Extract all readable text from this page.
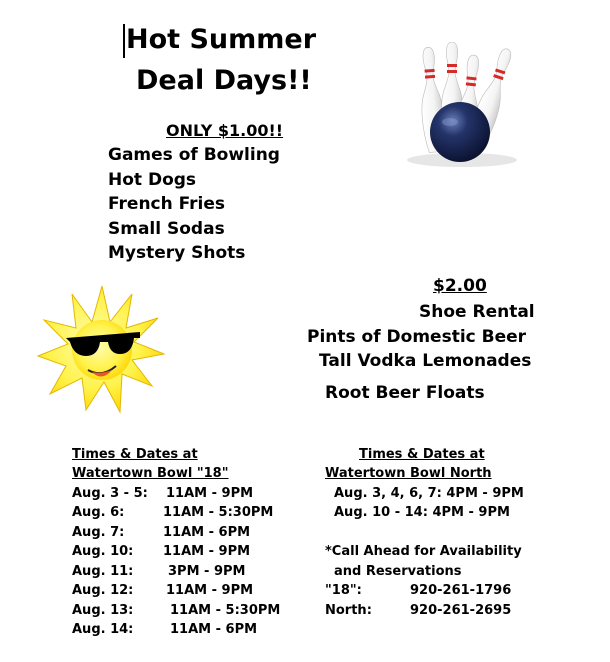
Hot Summer
Deal Days!!
ONLY $1.00!!
Games of Bowling
Hot Dogs
French Fries
Small Sodas
Mystery Shots
$2.00
Shoe Rental
Pints of Domestic Beer
Tall Vodka Lemonades
Root Beer Floats
Times & Dates at
Watertown Bowl "18"
Aug. 3 - 5: 11AM - 9PM
Aug. 6:	11AM - 5:30PM
Aug. 7:	11AM - 6PM
Aug. 10: 11AM - 9PM
Aug. 11:	3PM - 9PM
Aug. 12:	11AM - 9PM
Aug. 13:	11AM - 5:30PM
Aug. 14:	11AM - 6PM
Times & Dates at
Watertown Bowl North
Aug. 3, 4, 6, 7: 4PM - 9PM
Aug. 10 - 14: 4PM - 9PM
*Call Ahead for Availability
and Reservations
"18":	920-261-1796
North:	920-261-2695
